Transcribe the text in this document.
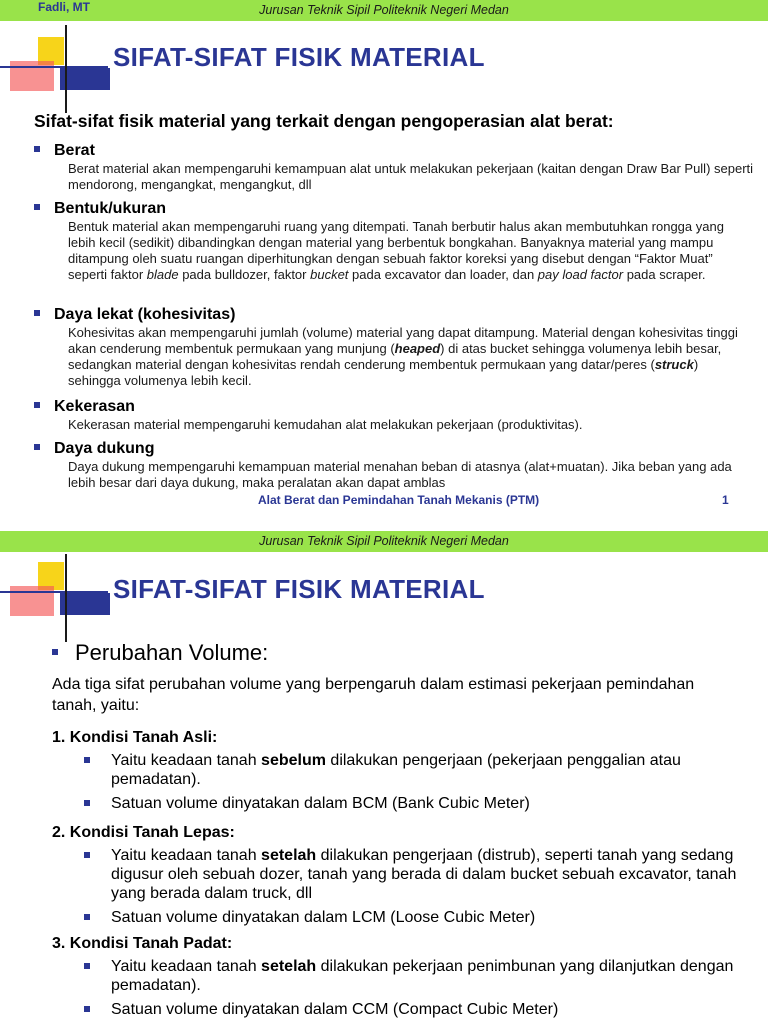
Jurusan Teknik Sipil Politeknik Negeri Medan
SIFAT-SIFAT FISIK MATERIAL
Sifat-sifat fisik material yang terkait dengan pengoperasian alat berat:
Berat
Berat material akan mempengaruhi kemampuan alat untuk melakukan pekerjaan (kaitan dengan Draw Bar Pull) seperti mendorong, mengangkat, mengangkut, dll
Bentuk/ukuran
Bentuk material akan mempengaruhi ruang yang ditempati. Tanah berbutir halus akan membutuhkan rongga yang lebih kecil (sedikit) dibandingkan dengan material yang berbentuk bongkahan. Banyaknya material yang mampu ditampung oleh suatu ruangan diperhitungkan dengan sebuah faktor koreksi yang disebut dengan “Faktor Muat” seperti faktor blade pada bulldozer, faktor bucket pada excavator dan loader, dan pay load factor pada scraper.
Daya lekat (kohesivitas)
Kohesivitas akan mempengaruhi jumlah (volume) material yang dapat ditampung. Material dengan kohesivitas tinggi akan cenderung membentuk permukaan yang munjung (heaped) di atas bucket sehingga volumenya lebih besar, sedangkan material dengan kohesivitas rendah cenderung membentuk permukaan yang datar/peres (struck) sehingga volumenya lebih kecil.
Kekerasan
Kekerasan material mempengaruhi kemudahan alat melakukan pekerjaan (produktivitas).
Daya dukung
Daya dukung mempengaruhi kemampuan material menahan beban di atasnya (alat+muatan). Jika beban yang ada lebih besar dari daya dukung, maka peralatan akan dapat amblas
Fadli, MT
Alat Berat dan Pemindahan Tanah Mekanis (PTM)	1
Jurusan Teknik Sipil Politeknik Negeri Medan
SIFAT-SIFAT FISIK MATERIAL
Perubahan Volume:
Ada tiga sifat perubahan volume yang berpengaruh dalam estimasi pekerjaan pemindahan tanah, yaitu:
1. Kondisi Tanah Asli:
Yaitu keadaan tanah sebelum dilakukan pengerjaan (pekerjaan penggalian atau pemadatan).
Satuan volume dinyatakan dalam BCM (Bank Cubic Meter)
2. Kondisi Tanah Lepas:
Yaitu keadaan tanah setelah dilakukan pengerjaan (distrub), seperti tanah yang sedang digusur oleh sebuah dozer, tanah yang berada di dalam bucket sebuah excavator, tanah yang berada dalam truck, dll
Satuan volume dinyatakan dalam LCM (Loose Cubic Meter)
3. Kondisi Tanah Padat:
Yaitu keadaan tanah setelah dilakukan pekerjaan penimbunan yang dilanjutkan dengan pemadatan).
Satuan volume dinyatakan dalam CCM (Compact Cubic Meter)
